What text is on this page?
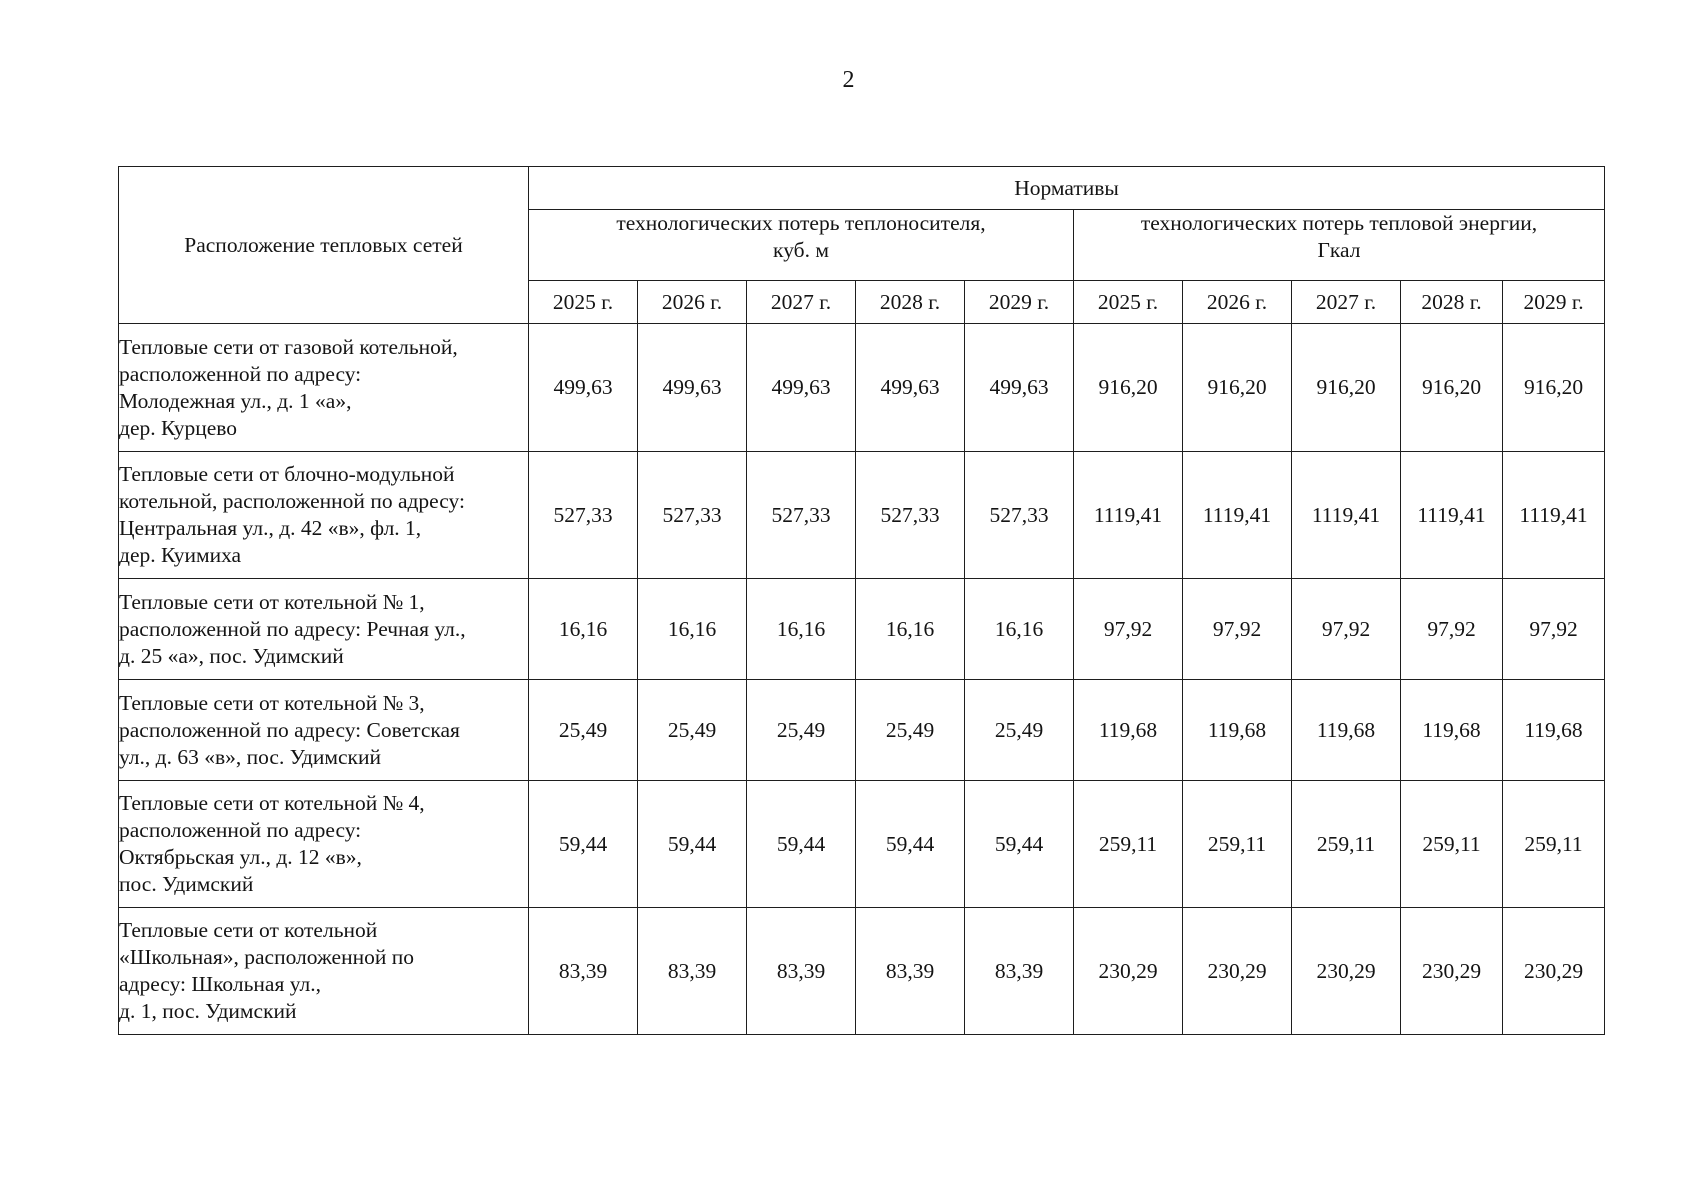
2
Расположение тепловых сетей	Нормативы									

	технологических потерь теплоносителя,
куб. м					технологических потерь тепловой энергии,
Гкал				

	2025 г.	2026 г.	2027 г.	2028 г.	2029 г.	2025 г.	2026 г.	2027 г.	2028 г.	2029 г.

Тепловые сети от газовой котельной,
расположенной по адресу:
Молодежная ул., д. 1 «а»,
дер. Курцево	499,63	499,63	499,63	499,63	499,63	916,20	916,20	916,20	916,20	916,20

Тепловые сети от блочно-модульной
котельной, расположенной по адресу:
Центральная ул., д. 42 «в», фл. 1,
дер. Куимиха	527,33	527,33	527,33	527,33	527,33	1119,41	1119,41	1119,41	1119,41	1119,41

Тепловые сети от котельной № 1,
расположенной по адресу: Речная ул.,
д. 25 «а», пос. Удимский	16,16	16,16	16,16	16,16	16,16	97,92	97,92	97,92	97,92	97,92

Тепловые сети от котельной № 3,
расположенной по адресу: Советская
ул., д. 63 «в», пос. Удимский	25,49	25,49	25,49	25,49	25,49	119,68	119,68	119,68	119,68	119,68

Тепловые сети от котельной № 4,
расположенной по адресу:
Октябрьская ул., д. 12 «в»,
пос. Удимский	59,44	59,44	59,44	59,44	59,44	259,11	259,11	259,11	259,11	259,11

Тепловые сети от котельной
«Школьная», расположенной по
адресу: Школьная ул.,
д. 1, пос. Удимский	83,39	83,39	83,39	83,39	83,39	230,29	230,29	230,29	230,29	230,29
